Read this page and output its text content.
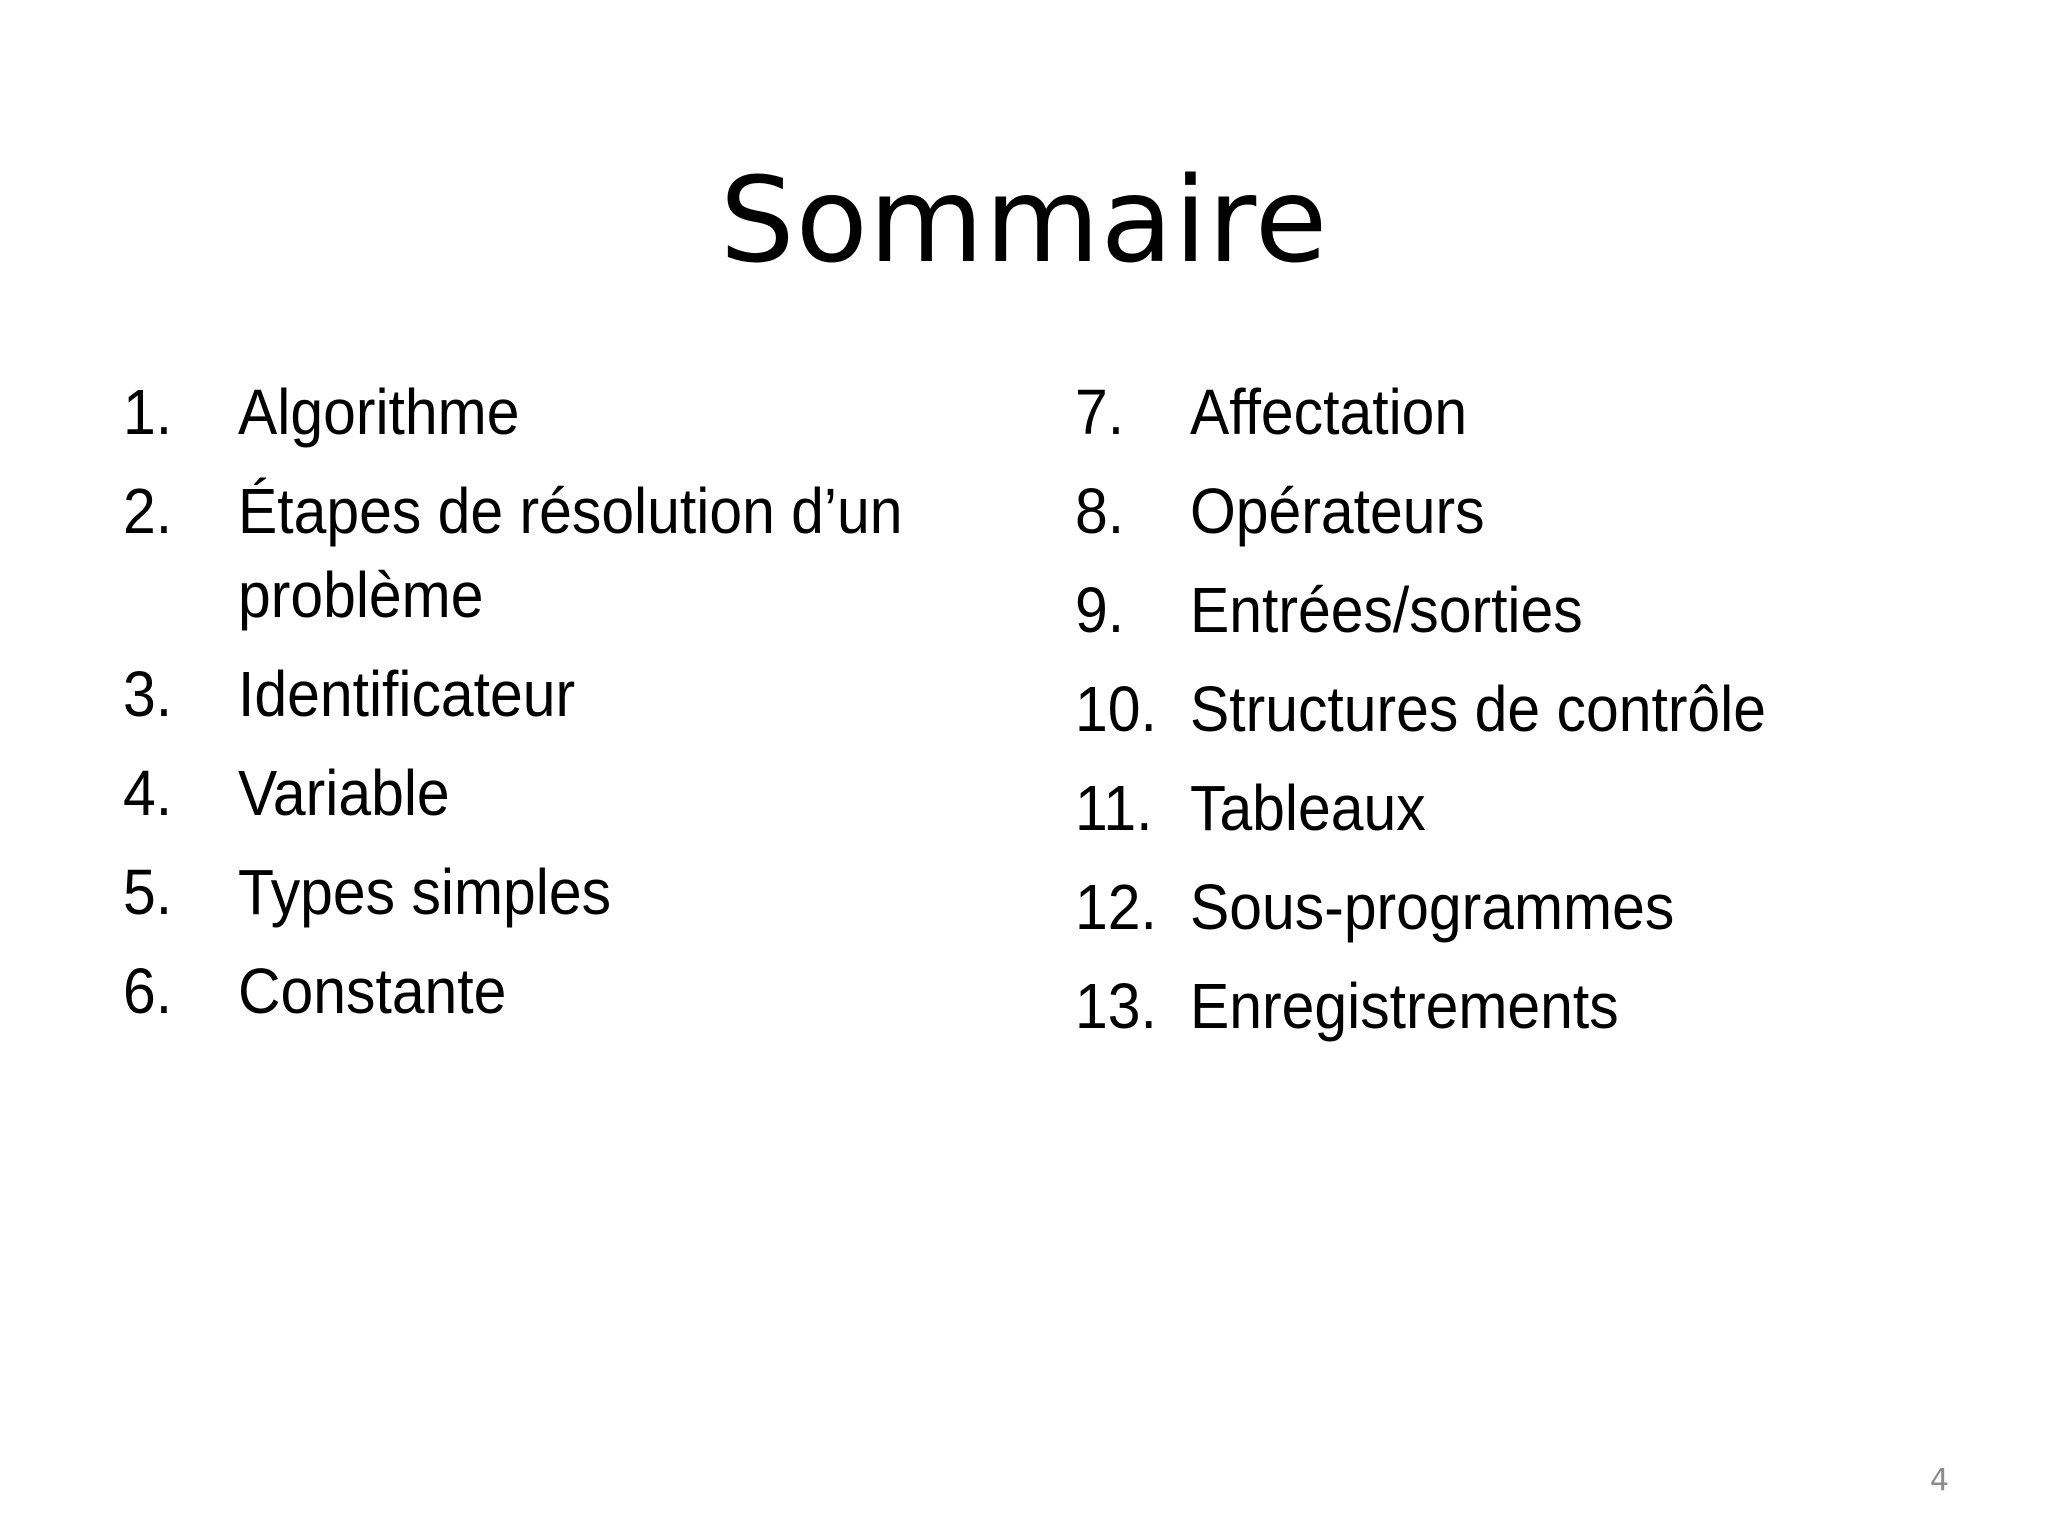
Sommaire
1.	Algorithme
2.	Étapes de résolution d’un
problème
3.	Identificateur
4.	Variable
5.	Types simples
6.	Constante
7.	Affectation
8.	Opérateurs
9.	Entrées/sorties
10. Structures de contrôle
11. Tableaux
12. Sous-programmes
13. Enregistrements
4
